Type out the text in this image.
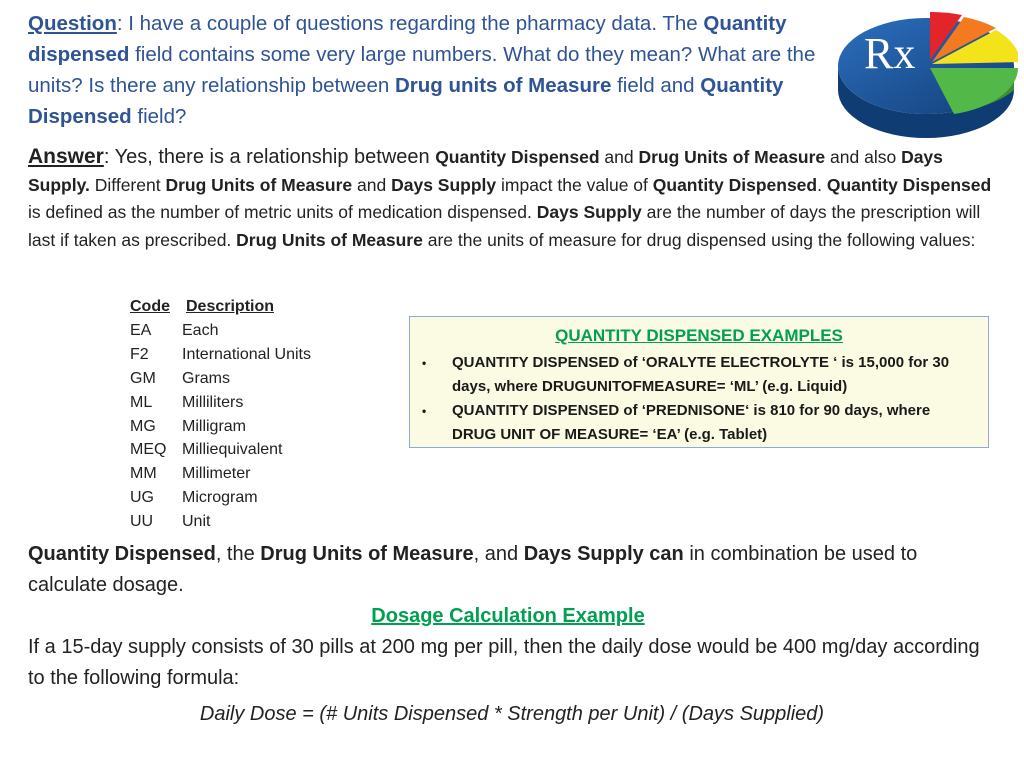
Question: I have a couple of questions regarding the pharmacy data. The Quantity dispensed field contains some very large numbers. What do they mean? What are the units? Is there any relationship between Drug units of Measure field and Quantity Dispensed field?
Rx
Answer: Yes, there is a relationship between Quantity Dispensed and Drug Units of Measure and also Days Supply. Different Drug Units of Measure and Days Supply impact the value of Quantity Dispensed. Quantity Dispensed is defined as the number of metric units of medication dispensed. Days Supply are the number of days the prescription will last if taken as prescribed. Drug Units of Measure are the units of measure for drug dispensed using the following values:
Code Description
EA Each
F2 International Units
GM Grams
ML Milliliters
MG Milligram
MEQ Milliequivalent
MM Millimeter
UG Microgram
UU Unit
QUANTITY DISPENSED EXAMPLES
• QUANTITY DISPENSED of ‘ORALYTE ELECTROLYTE ‘ is 15,000 for 30 days, where DRUGUNITOFMEASURE= ‘ML’ (e.g. Liquid)
• QUANTITY DISPENSED of ‘PREDNISONE‘ is 810 for 90 days, where DRUG UNIT OF MEASURE= ‘EA’ (e.g. Tablet)
Quantity Dispensed, the Drug Units of Measure, and Days Supply can in combination be used to calculate dosage.
Dosage Calculation Example
If a 15-day supply consists of 30 pills at 200 mg per pill, then the daily dose would be 400 mg/day according to the following formula:
Daily Dose = (# Units Dispensed * Strength per Unit) / (Days Supplied)
